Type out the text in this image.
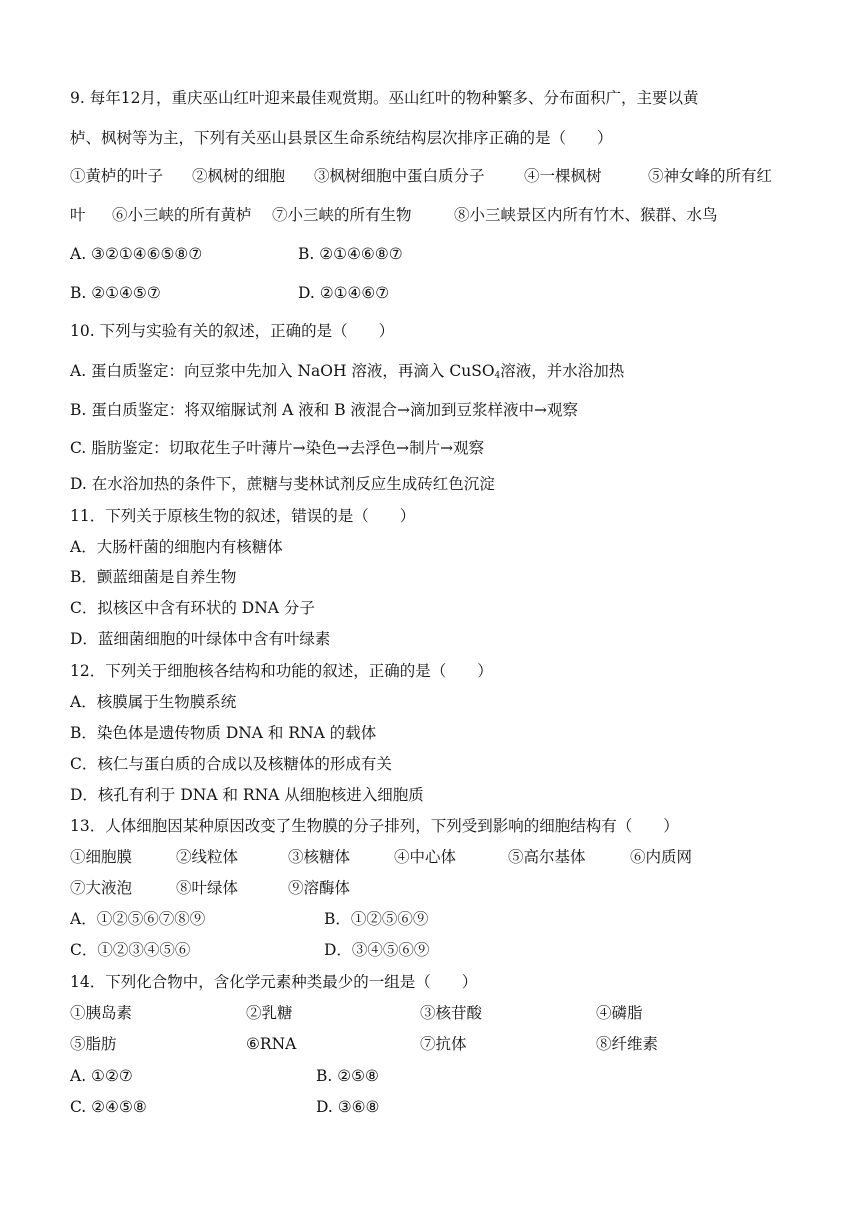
9. 每年12月，重庆巫山红叶迎来最佳观赏期。巫山红叶的物种繁多、分布面积广，主要以黄
栌、枫树等为主，下列有关巫山县景区生命系统结构层次排序正确的是（　　）
①黄栌的叶子 ②枫树的细胞 ③枫树细胞中蛋白质分子	④一棵枫树	⑤神女峰的所有红
叶 ⑥小三峡的所有黄栌 ⑦小三峡的所有生物	⑧小三峡景区内所有竹木、猴群、水鸟
A. ③②①④⑥⑤⑧⑦	B. ②①④⑥⑧⑦
B. ②①④⑤⑦	D. ②①④⑥⑦
10. 下列与实验有关的叙述，正确的是（　　）
A. 蛋白质鉴定：向豆浆中先加入 NaOH 溶液，再滴入 CuSO$_4$溶液，并水浴加热
B. 蛋白质鉴定：将双缩脲试剂 A 液和 B 液混合→滴加到豆浆样液中→观察
C. 脂肪鉴定：切取花生子叶薄片→染色→去浮色→制片→观察
D. 在水浴加热的条件下，蔗糖与斐林试剂反应生成砖红色沉淀
11．下列关于原核生物的叙述，错误的是（　　）
A．大肠杆菌的细胞内有核糖体
B．颤蓝细菌是自养生物
C．拟核区中含有环状的 DNA 分子
D．蓝细菌细胞的叶绿体中含有叶绿素
12．下列关于细胞核各结构和功能的叙述，正确的是（　　）
A．核膜属于生物膜系统
B．染色体是遗传物质 DNA 和 RNA 的载体
C．核仁与蛋白质的合成以及核糖体的形成有关
D．核孔有利于 DNA 和 RNA 从细胞核进入细胞质
13．人体细胞因某种原因改变了生物膜的分子排列，下列受到影响的细胞结构有（　　）
①细胞膜	②线粒体	③核糖体	④中心体	⑤高尔基体	⑥内质网
⑦大液泡	⑧叶绿体	⑨溶酶体
A．①②⑤⑥⑦⑧⑨	B．①②⑤⑥⑨
C．①②③④⑤⑥	D．③④⑤⑥⑨
14．下列化合物中，含化学元素种类最少的一组是（　　）
①胰岛素	②乳糖	③核苷酸	④磷脂
⑤脂肪	⑥RNA	⑦抗体	⑧纤维素
A. ①②⑦	B. ②⑤⑧
C. ②④⑤⑧	D. ③⑥⑧
